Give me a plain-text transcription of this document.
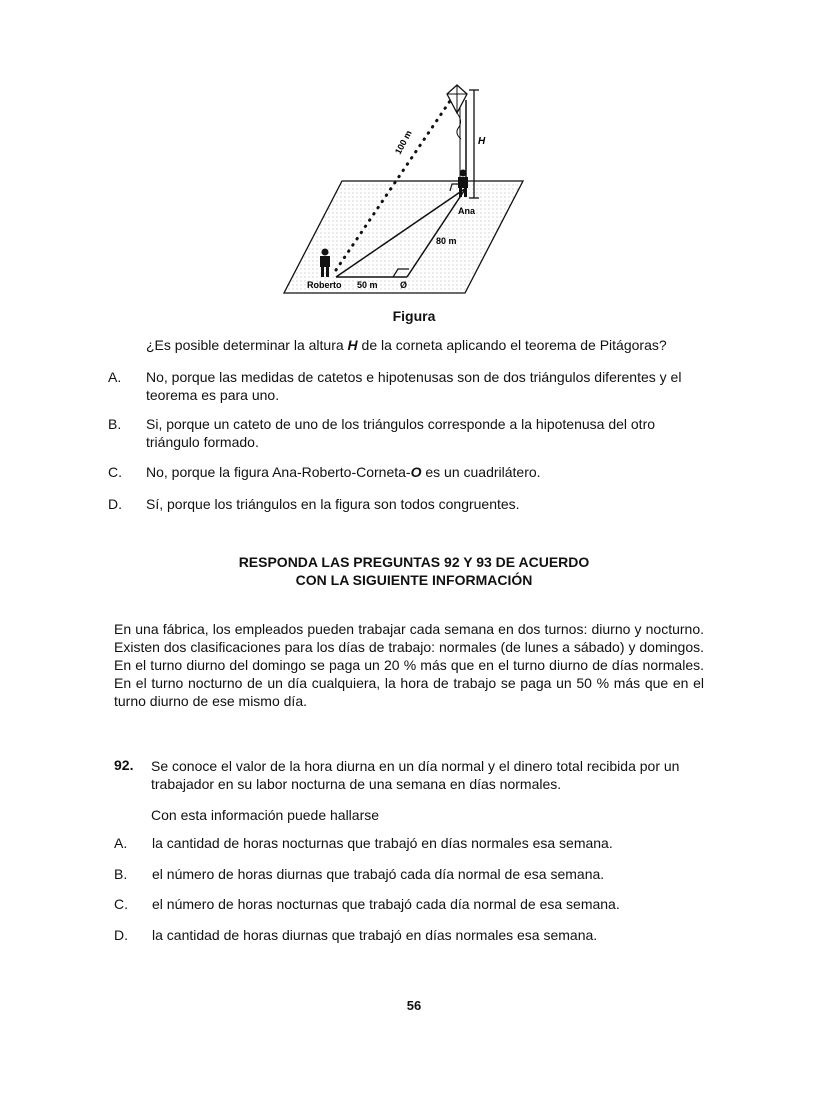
H
100 m
Ana
80 m
Roberto 50 m Ø
Figura
¿Es posible determinar la altura H de la corneta aplicando el teorema de Pitágoras?
A. No, porque las medidas de catetos e hipotenusas son de dos triángulos diferentes y el teorema es para uno.
B. Si, porque un cateto de uno de los triángulos corresponde a la hipotenusa del otro triángulo formado.
C. No, porque la figura Ana-Roberto-Corneta-O es un cuadrilátero.
D. Sí, porque los triángulos en la figura son todos congruentes.
RESPONDA LAS PREGUNTAS 92 Y 93 DE ACUERDO
CON LA SIGUIENTE INFORMACIÓN
En una fábrica, los empleados pueden trabajar cada semana en dos turnos: diurno y nocturno. Existen dos clasificaciones para los días de trabajo: normales (de lunes a sábado) y domingos. En el turno diurno del domingo se paga un 20 % más que en el turno diurno de días normales. En el turno nocturno de un día cualquiera, la hora de trabajo se paga un 50 % más que en el turno diurno de ese mismo día.
92. Se conoce el valor de la hora diurna en un día normal y el dinero total recibida por un trabajador en su labor nocturna de una semana en días normales.
Con esta información puede hallarse
A. la cantidad de horas nocturnas que trabajó en días normales esa semana.
B. el número de horas diurnas que trabajó cada día normal de esa semana.
C. el número de horas nocturnas que trabajó cada día normal de esa semana.
D. la cantidad de horas diurnas que trabajó en días normales esa semana.
56
